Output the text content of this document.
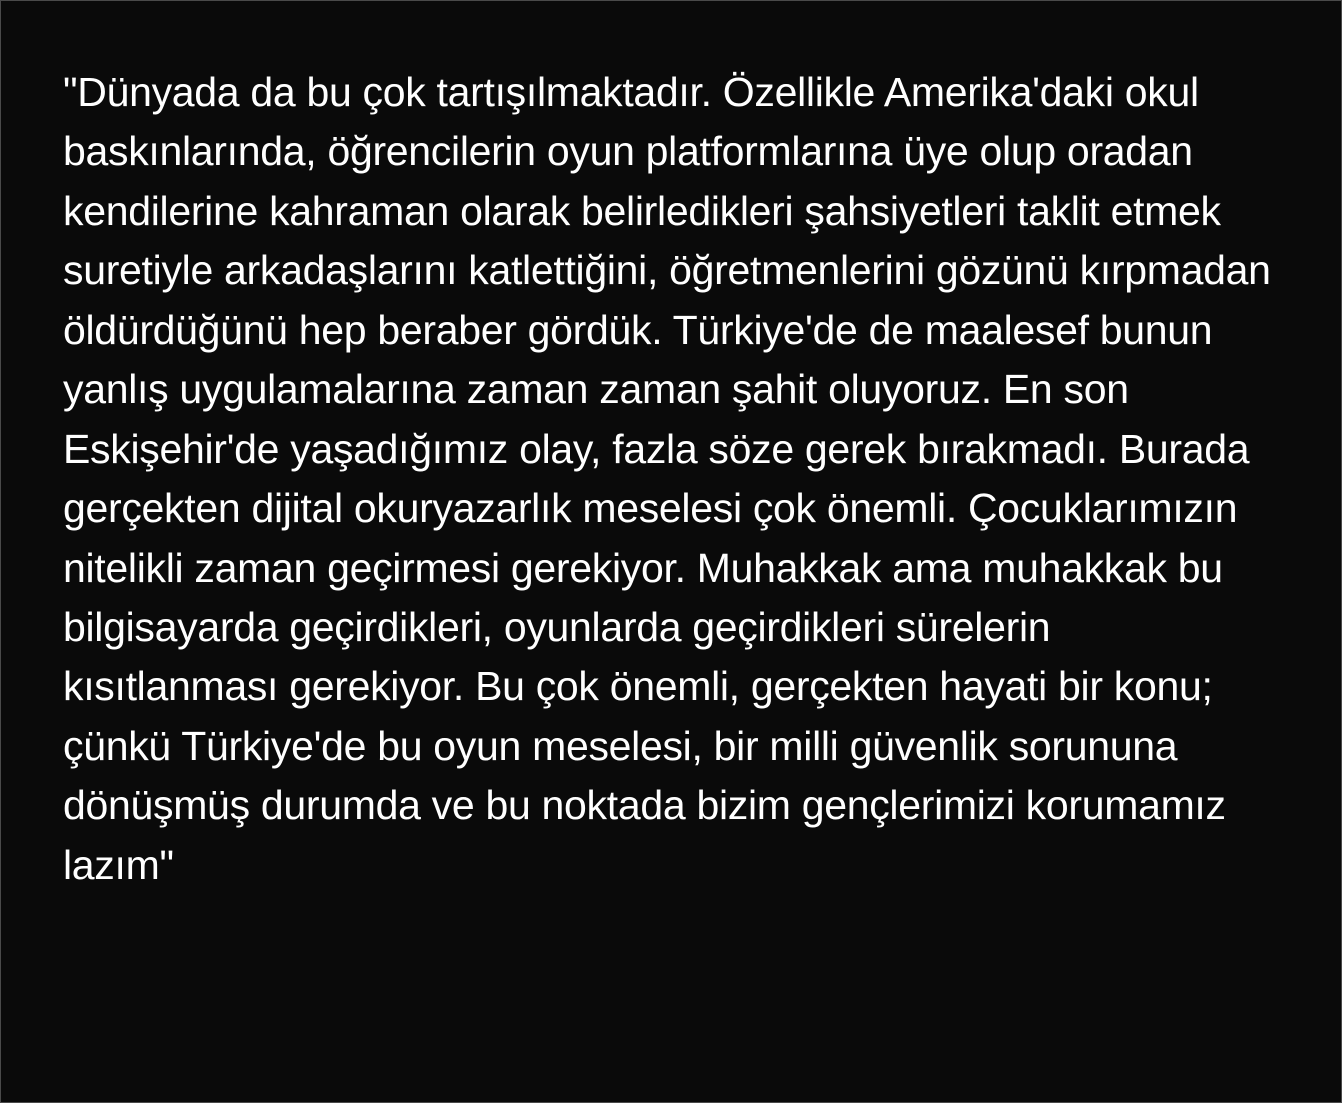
"Dünyada da bu çok tartışılmaktadır. Özellikle Amerika'daki okul baskınlarında, öğrencilerin oyun platformlarına üye olup oradan kendilerine kahraman olarak belirledikleri şahsiyetleri taklit etmek suretiyle arkadaşlarını katlettiğini, öğretmenlerini gözünü kırpmadan öldürdüğünü hep beraber gördük. Türkiye'de de maalesef bunun yanlış uygulamalarına zaman zaman şahit oluyoruz. En son Eskişehir'de yaşadığımız olay, fazla söze gerek bırakmadı. Burada gerçekten dijital okuryazarlık meselesi çok önemli. Çocuklarımızın nitelikli zaman geçirmesi gerekiyor. Muhakkak ama muhakkak bu bilgisayarda geçirdikleri, oyunlarda geçirdikleri sürelerin kısıtlanması gerekiyor. Bu çok önemli, gerçekten hayati bir konu; çünkü Türkiye'de bu oyun meselesi, bir milli güvenlik sorununa dönüşmüş durumda ve bu noktada bizim gençlerimizi korumamız lazım"
